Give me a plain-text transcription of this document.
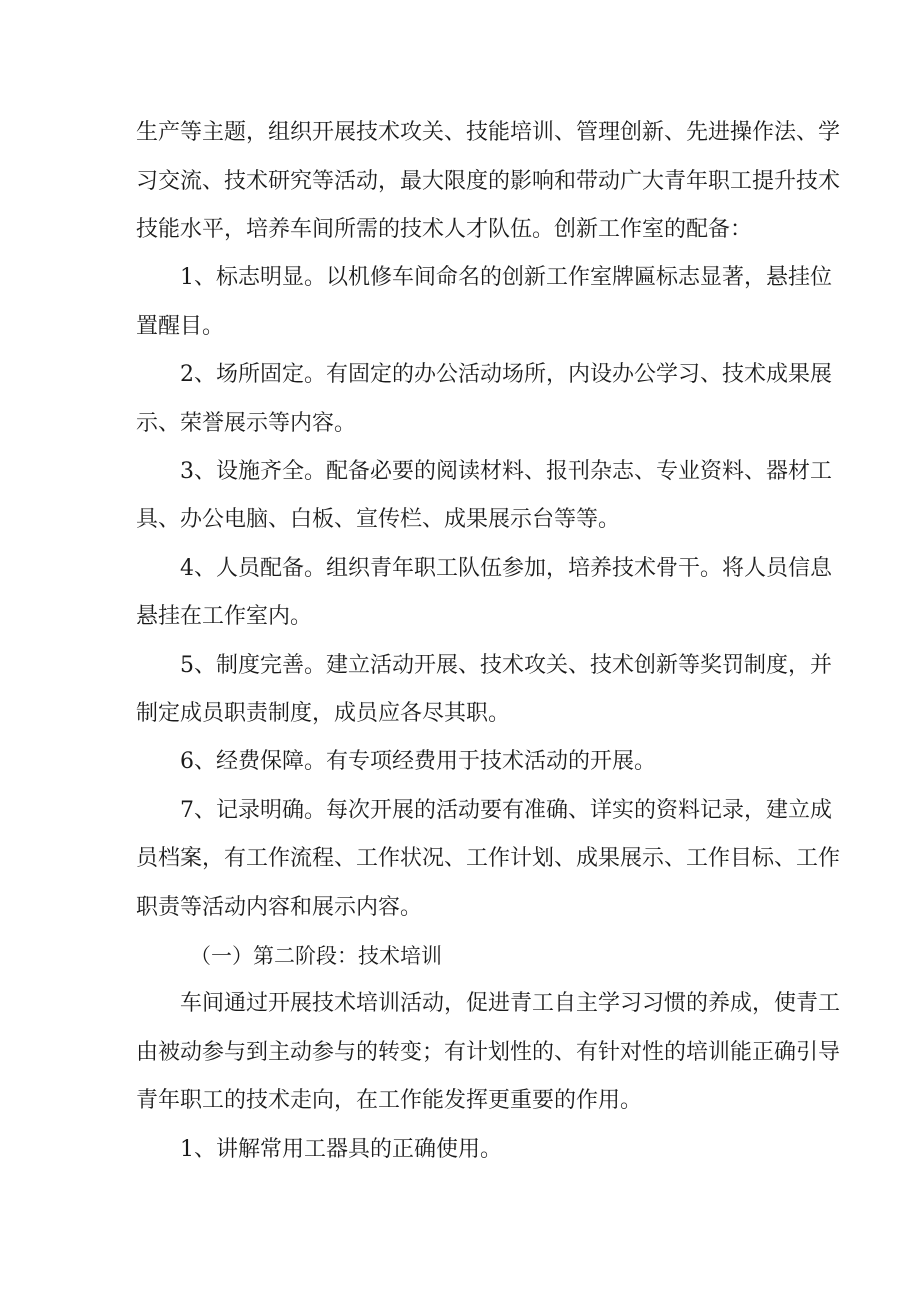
生产等主题，组织开展技术攻关、技能培训、管理创新、先进操作法、学

习交流、技术研究等活动，最大限度的影响和带动广大青年职工提升技术

技能水平，培养车间所需的技术人才队伍。创新工作室的配备：

1、标志明显。以机修车间命名的创新工作室牌匾标志显著，悬挂位

置醒目。

2、场所固定。有固定的办公活动场所，内设办公学习、技术成果展

示、荣誉展示等内容。

3、设施齐全。配备必要的阅读材料、报刊杂志、专业资料、器材工

具、办公电脑、白板、宣传栏、成果展示台等等。

4、人员配备。组织青年职工队伍参加，培养技术骨干。将人员信息

悬挂在工作室内。

5、制度完善。建立活动开展、技术攻关、技术创新等奖罚制度，并

制定成员职责制度，成员应各尽其职。

6、经费保障。有专项经费用于技术活动的开展。

7、记录明确。每次开展的活动要有准确、详实的资料记录，建立成

员档案，有工作流程、工作状况、工作计划、成果展示、工作目标、工作

职责等活动内容和展示内容。

（一）第二阶段：技术培训

车间通过开展技术培训活动，促进青工自主学习习惯的养成，使青工

由被动参与到主动参与的转变；有计划性的、有针对性的培训能正确引导

青年职工的技术走向，在工作能发挥更重要的作用。

1、讲解常用工器具的正确使用。
